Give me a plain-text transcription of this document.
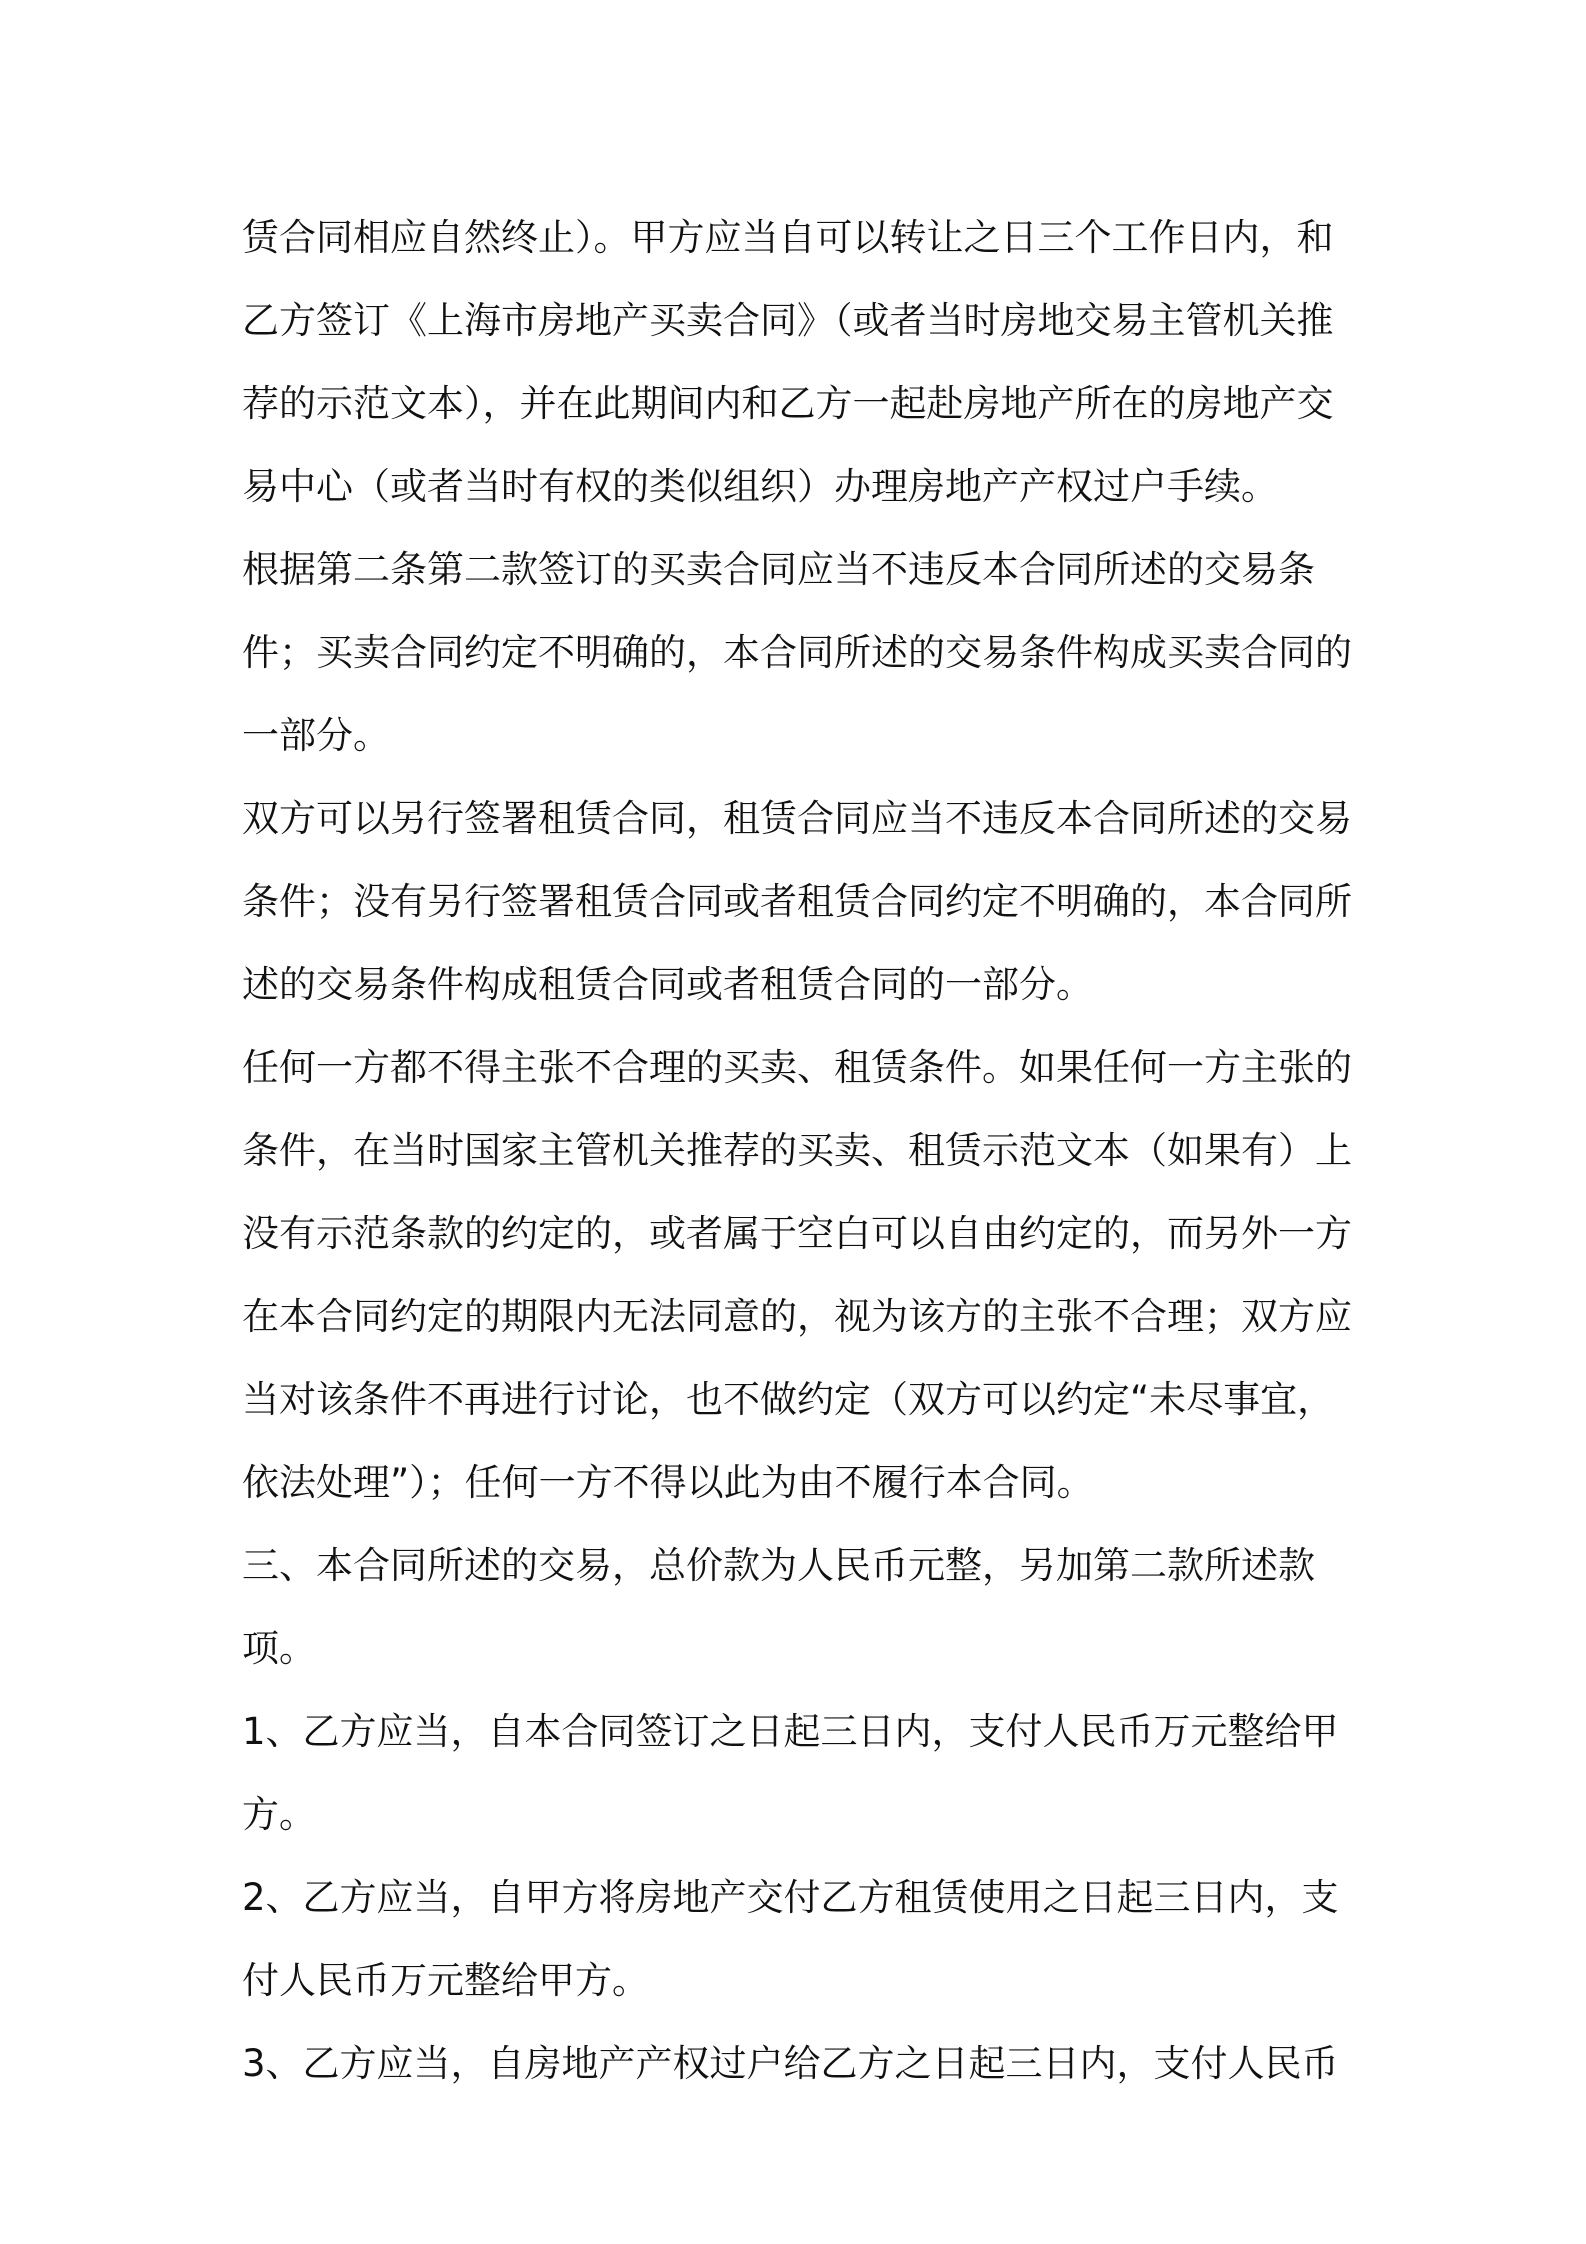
赁合同相应自然终止）。甲方应当自可以转让之日三个工作日内，和乙方签订《上海市房地产买卖合同》（或者当时房地交易主管机关推荐的示范文本），并在此期间内和乙方一起赴房地产所在的房地产交易中心（或者当时有权的类似组织）办理房地产产权过户手续。

根据第二条第二款签订的买卖合同应当不违反本合同所述的交易条件；买卖合同约定不明确的，本合同所述的交易条件构成买卖合同的一部分。

双方可以另行签署租赁合同，租赁合同应当不违反本合同所述的交易条件；没有另行签署租赁合同或者租赁合同约定不明确的，本合同所述的交易条件构成租赁合同或者租赁合同的一部分。

任何一方都不得主张不合理的买卖、租赁条件。如果任何一方主张的条件，在当时国家主管机关推荐的买卖、租赁示范文本（如果有）上没有示范条款的约定的，或者属于空白可以自由约定的，而另外一方在本合同约定的期限内无法同意的，视为该方的主张不合理；双方应当对该条件不再进行讨论，也不做约定（双方可以约定“未尽事宜，依法处理”）；任何一方不得以此为由不履行本合同。

三、本合同所述的交易，总价款为人民币元整，另加第二款所述款项。

1、乙方应当，自本合同签订之日起三日内，支付人民币万元整给甲方。

2、乙方应当，自甲方将房地产交付乙方租赁使用之日起三日内，支付人民币万元整给甲方。

3、乙方应当，自房地产产权过户给乙方之日起三日内，支付人民币
